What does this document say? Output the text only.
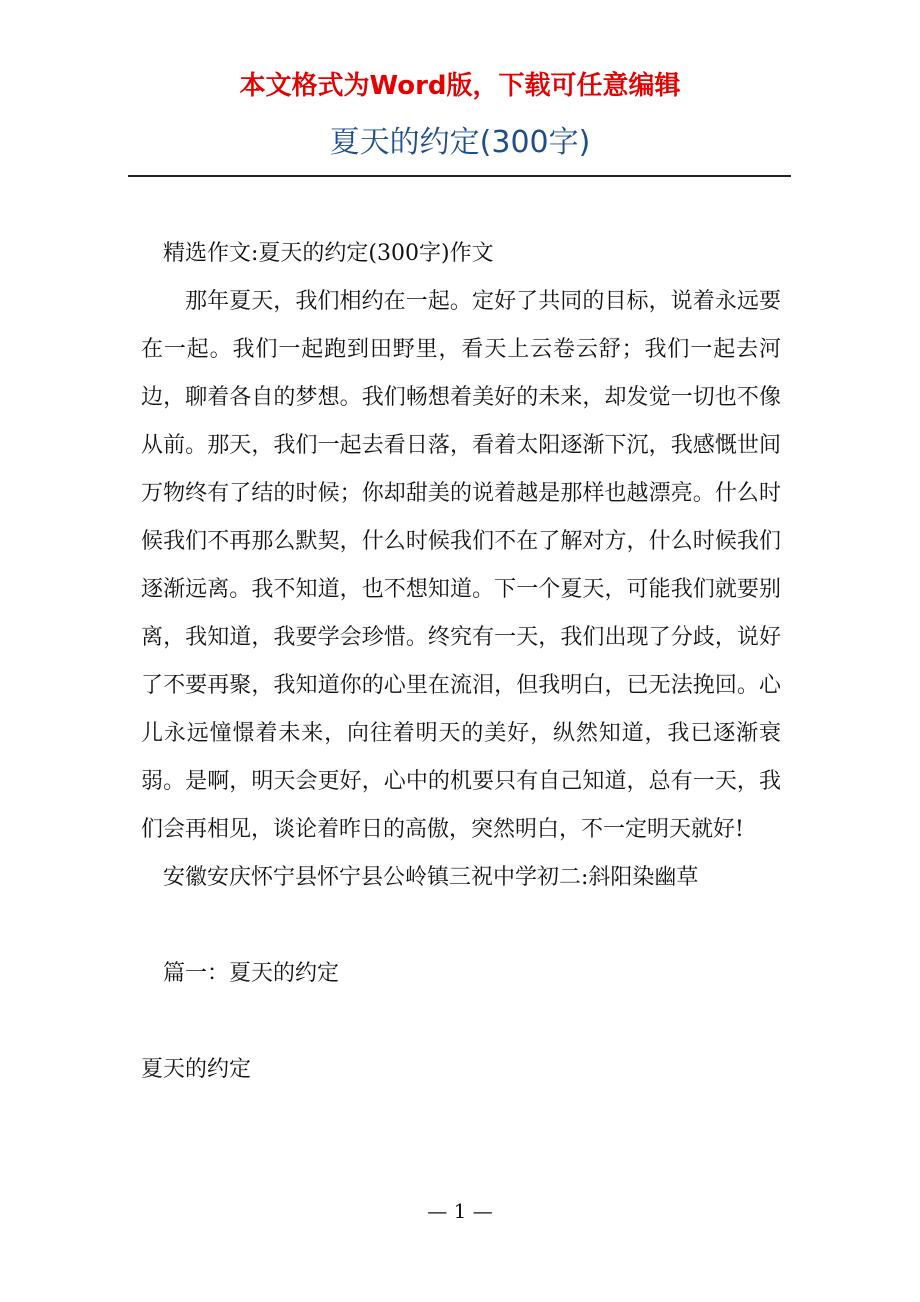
本文格式为Word版，下载可任意编辑
夏天的约定(300字)

精选作文:夏天的约定(300字)作文

那年夏天，我们相约在一起。定好了共同的目标，说着永远要在一起。我们一起跑到田野里，看天上云卷云舒；我们一起去河边，聊着各自的梦想。我们畅想着美好的未来，却发觉一切也不像从前。那天，我们一起去看日落，看着太阳逐渐下沉，我感慨世间万物终有了结的时候；你却甜美的说着越是那样也越漂亮。什么时候我们不再那么默契，什么时候我们不在了解对方，什么时候我们逐渐远离。我不知道，也不想知道。下一个夏天，可能我们就要别离，我知道，我要学会珍惜。终究有一天，我们出现了分歧，说好了不要再聚，我知道你的心里在流泪，但我明白，已无法挽回。心儿永远憧憬着未来，向往着明天的美好，纵然知道，我已逐渐衰弱。是啊，明天会更好，心中的机要只有自己知道，总有一天，我们会再相见，谈论着昨日的高傲，突然明白，不一定明天就好!

安徽安庆怀宁县怀宁县公岭镇三祝中学初二:斜阳染幽草

篇一：夏天的约定

夏天的约定

— 1 —
